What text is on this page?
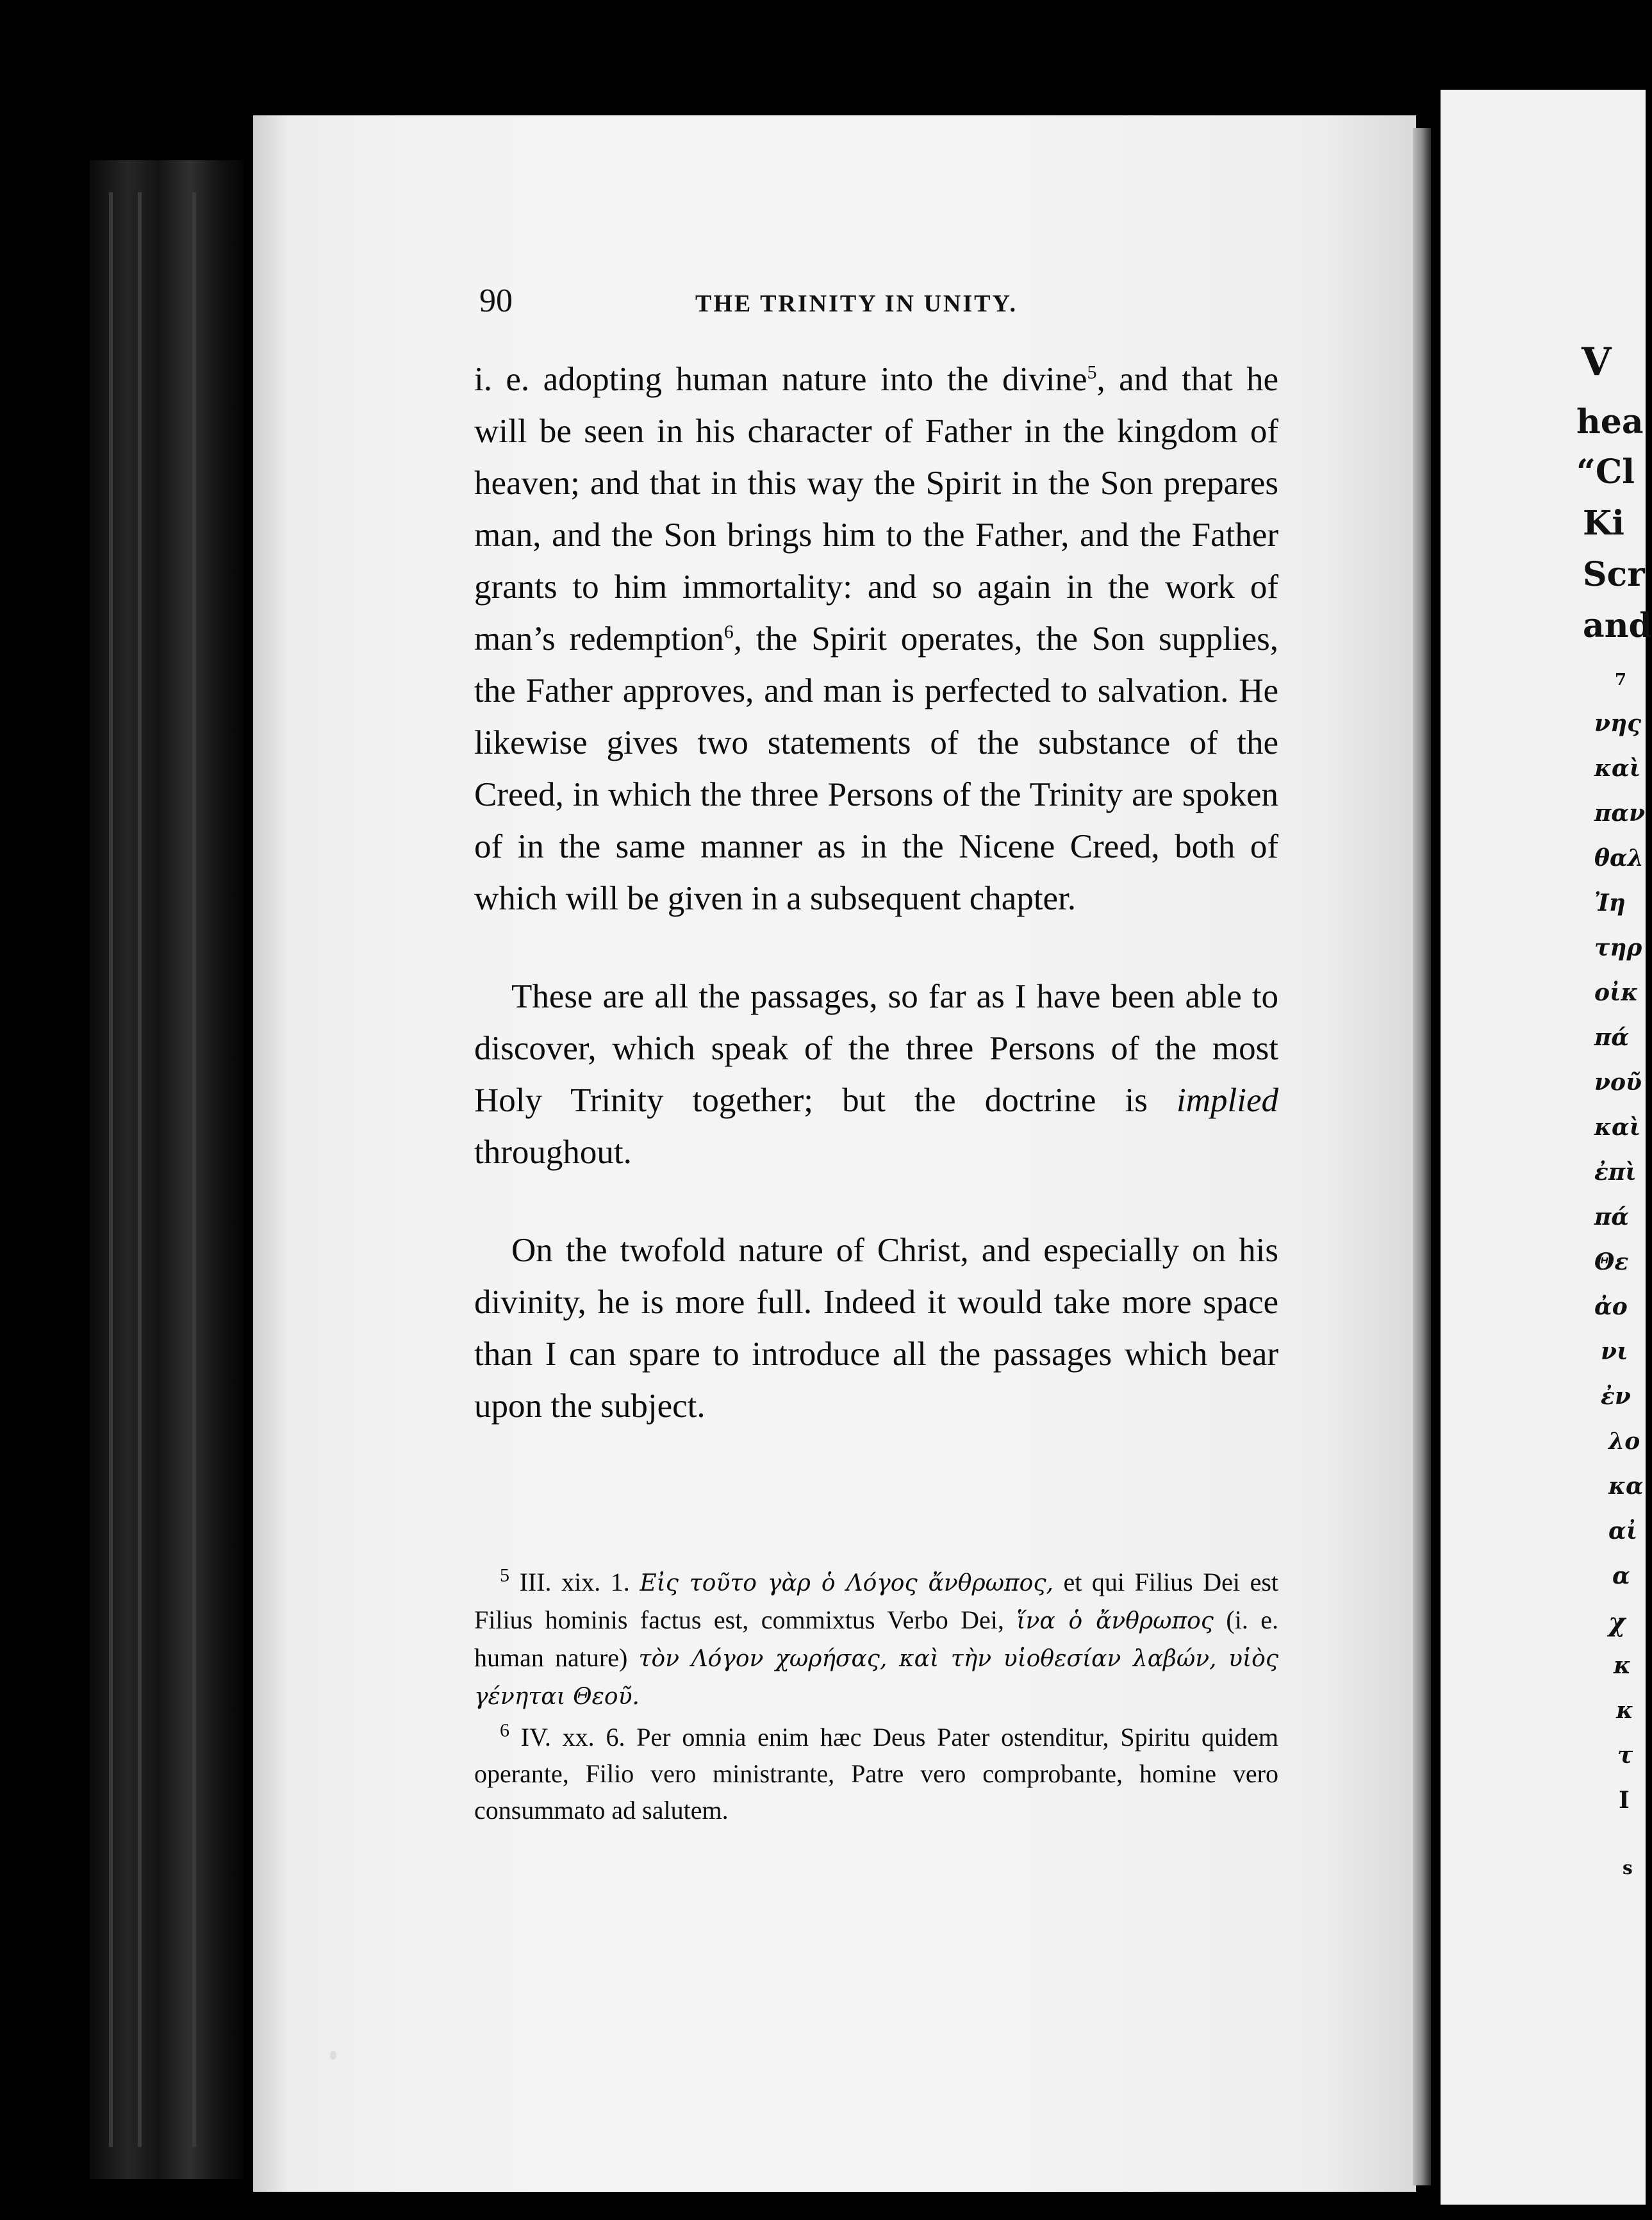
V
hea
“Cl
Ki
Scr
and
7
νης
καὶ
παν
θαλ
Ἰη
τηρ
οἰκ
πά
νοῦ
καὶ
ἐπὶ
πά
Θε
ἀο
νι
ἐν
λο
κα
αἰ
α
χ
κ
κ
τ
I
s
90	THE TRINITY IN UNITY.

i. e. adopting human nature into the divine$^5$, and that he will be seen in his character of Father in the kingdom of heaven; and that in this way the Spirit in the Son prepares man, and the Son brings him to the Father, and the Father grants to him immortality: and so again in the work of man’s redemption$^6$, the Spirit operates, the Son supplies, the Father approves, and man is perfected to salvation. He likewise gives two statements of the substance of the Creed, in which the three Persons of the Trinity are spoken of in the same manner as in the Nicene Creed, both of which will be given in a subsequent chapter.

These are all the passages, so far as I have been able to discover, which speak of the three Persons of the most Holy Trinity together; but the doctrine is implied throughout.

On the twofold nature of Christ, and especially on his divinity, he is more full. Indeed it would take more space than I can spare to introduce all the passages which bear upon the subject.

$^5$ III. xix. 1. Εἰς τοῦτο γὰρ ὁ Λόγος ἄνθρωπος, et qui Filius Dei est Filius hominis factus est, commixtus Verbo Dei, ἵνα ὁ ἄνθρωπος (i. e. human nature) τὸν Λόγον χωρήσας, καὶ τὴν υἱοθεσίαν λαβών, υἱὸς γένηται Θεοῦ.

$^6$ IV. xx. 6. Per omnia enim hæc Deus Pater ostenditur, Spiritu quidem operante, Filio vero ministrante, Patre vero comprobante, homine vero consummato ad salutem.
